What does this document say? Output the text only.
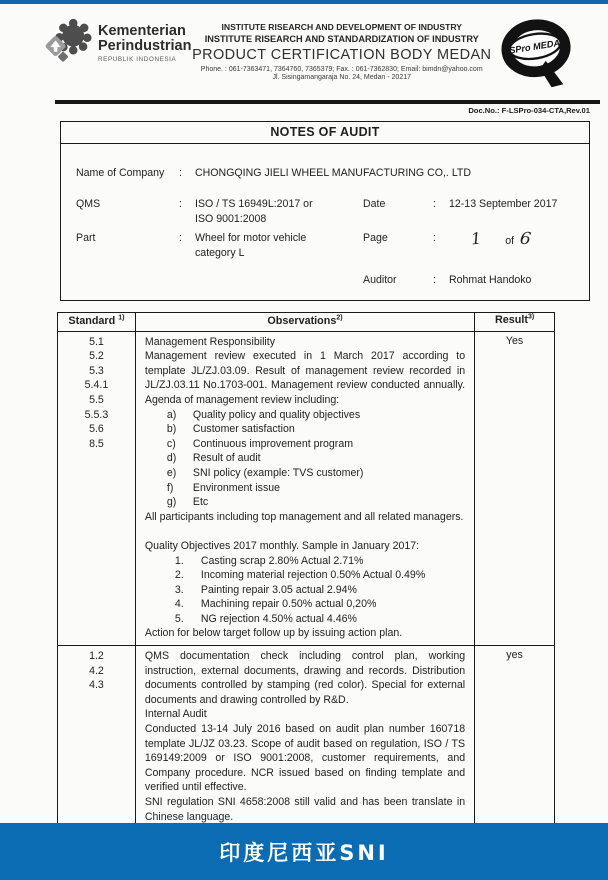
Kementerian
Perindustrian
REPUBLIK INDONESIA
INSTITUTE RISEARCH AND DEVELOPMENT OF INDUSTRY
INSTITUTE RISEARCH AND STANDARDIZATION OF INDUSTRY
PRODUCT CERTIFICATION BODY MEDAN
Phone. : 061-7363471, 7364760, 7365379; Fax. : 061-7362830; Email: bimdn@yahoo.com
Jl. Sisingamangaraja No. 24, Medan - 20217
LSPro MEDAN
Doc.No.: F-LSPro-034-CTA,Rev.01
NOTES OF AUDIT
Name of Company	:	CHONGQING JIELI WHEEL MANUFACTURING CO,. LTD
QMS	:	ISO / TS 16949L:2017 or
ISO 9001:2008
Date	:	12-13 September 2017
Part	:	Wheel for motor vehicle
category L
Page	:	1 of 6
Auditor	:	Rohmat Handoko
Standard $^{1)}$	Observations$^{2)}$	Result$^{3)}$

5.1
5.2
5.3
5.4.1
5.5
5.5.3
5.6
8.5

Management Responsibility
Management review executed in 1 March 2017 according to template JL/ZJ.03.09. Result of management review recorded in JL/ZJ.03.11 No.1703-001. Management review conducted annually. Agenda of management review including:
a)	Quality policy and quality objectives
b)	Customer satisfaction
c)	Continuous improvement program
d)	Result of audit
e)	SNI policy (example: TVS customer)
f)	Environment issue
g)	Etc
All participants including top management and all related managers.
Quality Objectives 2017 monthly. Sample in January 2017:
1.	Casting scrap 2.80% Actual 2.71%
2.	Incoming material rejection 0.50% Actual 0.49%
3.	Painting repair 3.05 actual 2.94%
4.	Machining repair 0.50% actual 0,20%
5.	NG rejection 4.50% actual 4.46%
Action for below target follow up by issuing action plan.

Yes

1.2
4.2
4.3

QMS documentation check including control plan, working instruction, external documents, drawing and records. Distribution documents controlled by stamping (red color). Special for external documents and drawing controlled by R&D.
Internal Audit
Conducted 13-14 July 2016 based on audit plan number 160718 template JL/JZ 03.23. Scope of audit based on regulation, ISO / TS 169149:2009 or ISO 9001:2008, customer requirements, and Company procedure. NCR issued based on finding template and verified until effective.
SNI regulation SNI 4658:2008 still valid and has been translate in Chinese language.

yes
印度尼西亚SNI
